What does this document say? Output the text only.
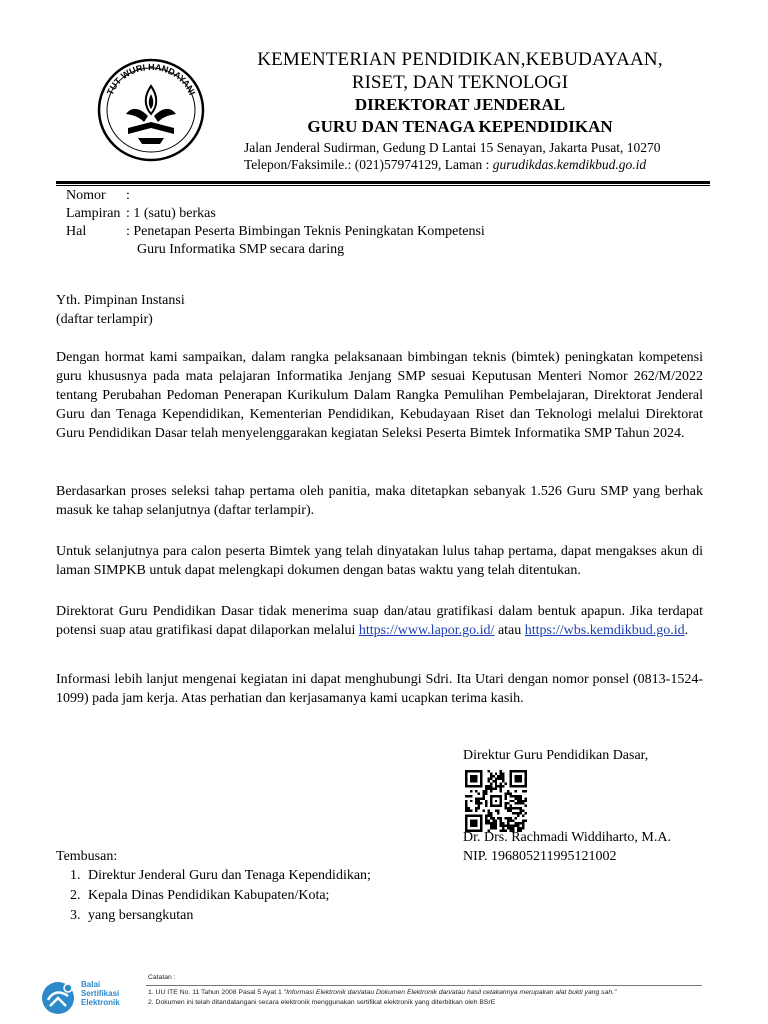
TUT WURI HANDAYANI
KEMENTERIAN PENDIDIKAN,KEBUDAYAAN,
RISET, DAN TEKNOLOGI
DIREKTORAT JENDERAL
GURU DAN TENAGA KEPENDIDIKAN
Jalan Jenderal Sudirman, Gedung D Lantai 15 Senayan, Jakarta Pusat, 10270
Telepon/Faksimile.: (021)57974129, Laman : gurudikdas.kemdikbud.go.id
Nomor :
Lampiran : 1 (satu) berkas
Hal	: Penetapan Peserta Bimbingan Teknis Peningkatan Kompetensi
Guru Informatika SMP secara daring
Yth. Pimpinan Instansi
(daftar terlampir)
Dengan hormat kami sampaikan, dalam rangka pelaksanaan bimbingan teknis (bimtek) peningkatan kompetensi guru khususnya pada mata pelajaran Informatika Jenjang SMP sesuai Keputusan Menteri Nomor 262/M/2022 tentang Perubahan Pedoman Penerapan Kurikulum Dalam Rangka Pemulihan Pembelajaran, Direktorat Jenderal Guru dan Tenaga Kependidikan, Kementerian Pendidikan, Kebudayaan Riset dan Teknologi melalui Direktorat Guru Pendidikan Dasar telah menyelenggarakan kegiatan Seleksi Peserta Bimtek Informatika SMP Tahun 2024.
Berdasarkan proses seleksi tahap pertama oleh panitia, maka ditetapkan sebanyak 1.526 Guru SMP yang berhak masuk ke tahap selanjutnya (daftar terlampir).
Untuk selanjutnya para calon peserta Bimtek yang telah dinyatakan lulus tahap pertama, dapat mengakses akun di laman SIMPKB untuk dapat melengkapi dokumen dengan batas waktu yang telah ditentukan.
Direktorat Guru Pendidikan Dasar tidak menerima suap dan/atau gratifikasi dalam bentuk apapun. Jika terdapat potensi suap atau gratifikasi dapat dilaporkan melalui https://www.lapor.go.id/ atau https://wbs.kemdikbud.go.id.
Informasi lebih lanjut mengenai kegiatan ini dapat menghubungi Sdri. Ita Utari dengan nomor ponsel (0813-1524-1099) pada jam kerja. Atas perhatian dan kerjasamanya kami ucapkan terima kasih.
Direktur Guru Pendidikan Dasar,
Dr. Drs. Rachmadi Widdiharto, M.A.
NIP. 196805211995121002
Tembusan:
1. Direktur Jenderal Guru dan Tenaga Kependidikan;
2. Kepala Dinas Pendidikan Kabupaten/Kota;
3. yang bersangkutan
Balai
Sertifikasi
Elektronik
Catatan :
1. UU ITE No. 11 Tahun 2008 Pasal 5 Ayat 1 "Informasi Elektronik dan/atau Dokumen Elektronik dan/atau hasil cetakannya merupakan alat bukti yang sah."
2. Dokumen ini telah ditandatangani secara elektronik menggunakan sertifikat elektronik yang diterbitkan oleh BSrE
